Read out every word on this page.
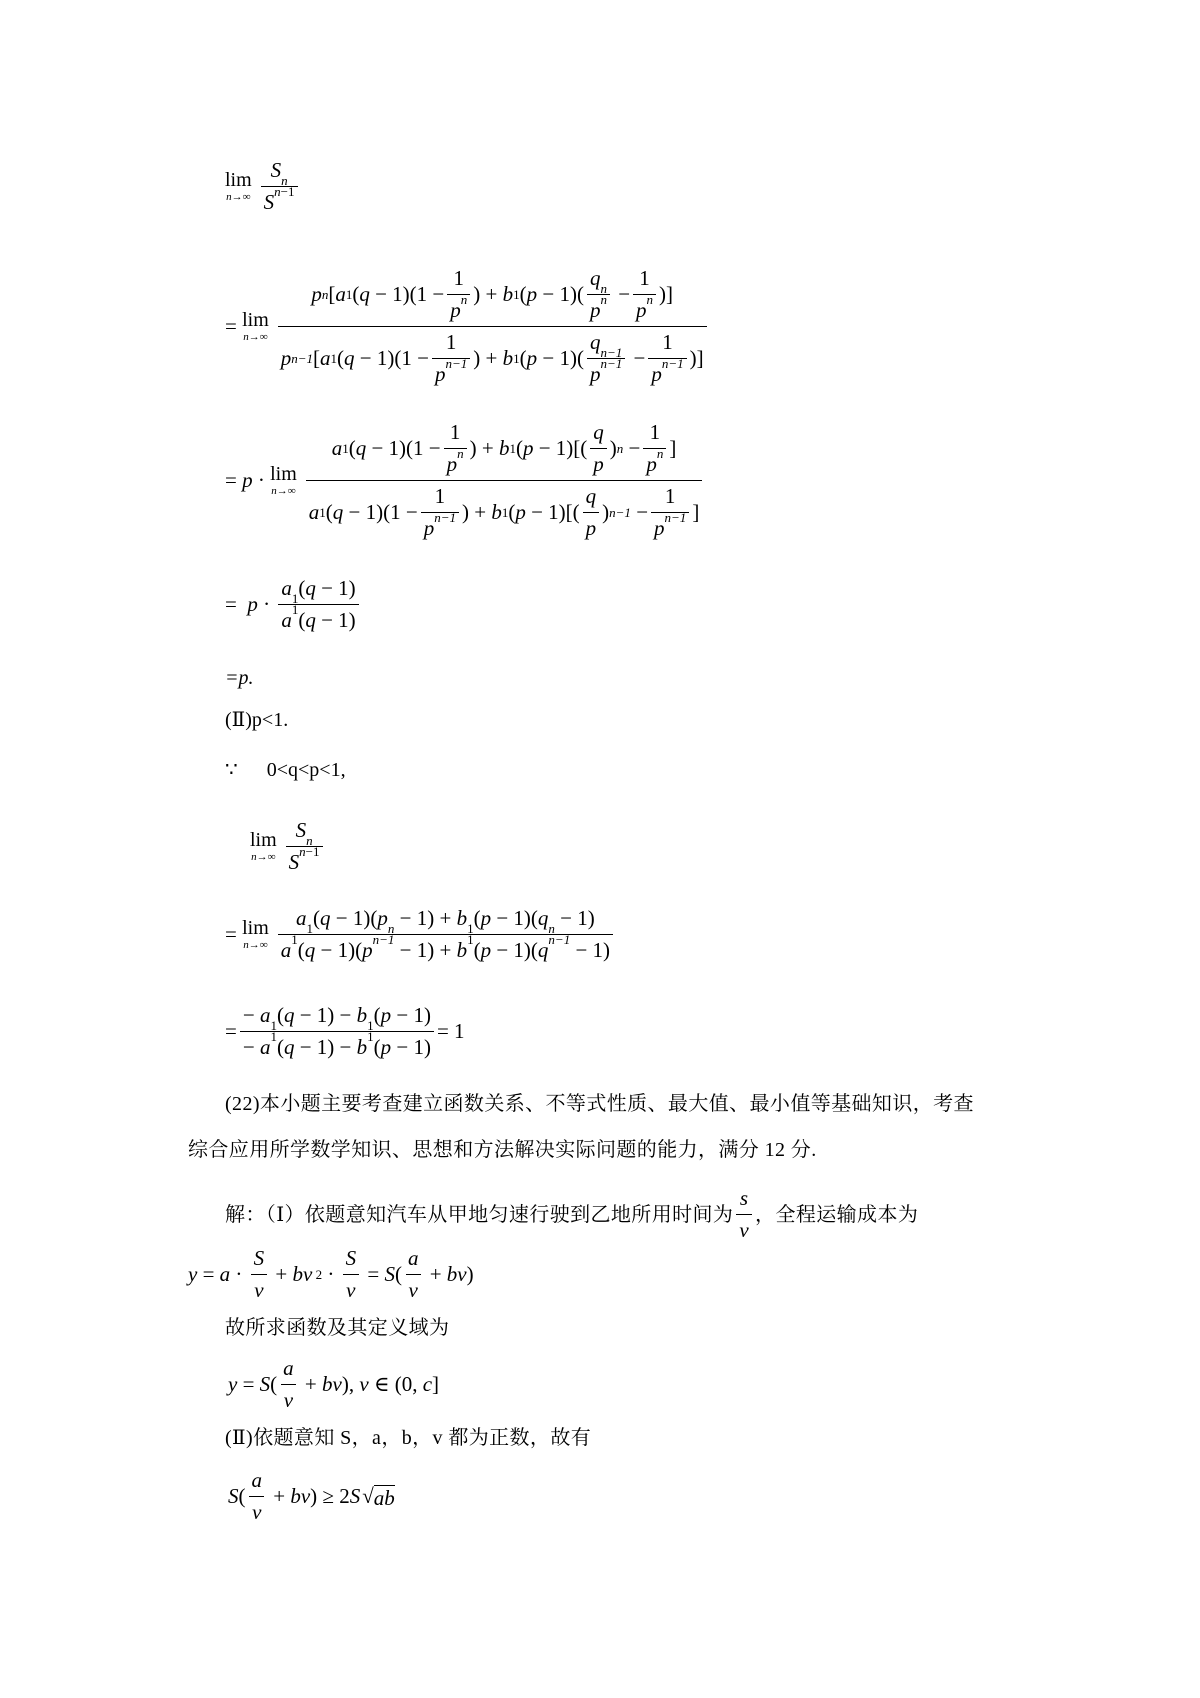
lim
$n\to\infty \frac{\text{S n}}{\text{S n −1}}$
= lim
n→∞
p n [ a 1 ( $q - 1)(1 - \frac{1}{\text{p n}}$ ) + b 1 ( $p - 1)( \frac{\text{q n}}{\text{p n}} - \frac{1}{\text{p n}}$ )]
p n−1 [ a 1 ( $q - 1)(1 - \frac{1}{\text{p n−1}}$ ) + b 1 ( $p - 1)( \frac{\text{q n−1}}{\text{p n−1}} - \frac{1}{\text{p n−1}}$ )]
= p · lim
n→∞
a 1 ( $q - 1)(1 - \frac{1}{\text{p n}}$ ) + b 1 ( $p - 1)[( \frac{q}{p}$ ) $n - \frac{1}{\text{p n}}$ ]
a 1 ( $q - 1)(1 - \frac{1}{\text{p n−1}}$ ) + b 1 ( $p - 1)[( \frac{q}{p}$ ) $n-1 - \frac{1}{\text{p n−1}}$ ]
= $p \cdot \frac{a 1 ( q - 1)}{a 1 ( q - 1)}$
=p.
(Ⅱ)p<1.
∵ 0<q<p<1,
lim
$n\to\infty \frac{\text{S n}}{\text{S n −1}}$
= lim
$n\to\infty \frac{\text{a 1 ( q − 1)( p n − 1) + b 1 ( p − 1)( q n − 1)}}{\text{a 1 ( q − 1)( p n−1 − 1) + b 1 ( p − 1)( q n−1 − 1)}}$
= $\frac{- a 1 ( q - 1) - b 1 ( p - 1)}{- a 1 ( q - 1) - b 1 ( p - 1)} = 1$
(22)本小题主要考查建立函数关系、不等式性质、最大值、最小值等基础知识，考查
综合应用所学数学知识、思想和方法解决实际问题的能力，满分 12 分.
解：（Ⅰ）依题意知汽车从甲地匀速行驶到乙地所用时间为 $\frac{s}{v}$ ，全程运输成本为
$y = a \cdot \frac{S}{v}$ + bv $2 \cdot \frac{S}{v} = S$ ( $\frac{a}{v}$ + bv )
故所求函数及其定义域为
y = S ( $\frac{a}{v}$ + bv ), v ∈ (0, c ]
(Ⅱ)依题意知 S，a，b，v 都为正数，故有
S ( $\frac{a}{v}$ + bv ) ≥ 2 S √ ab
